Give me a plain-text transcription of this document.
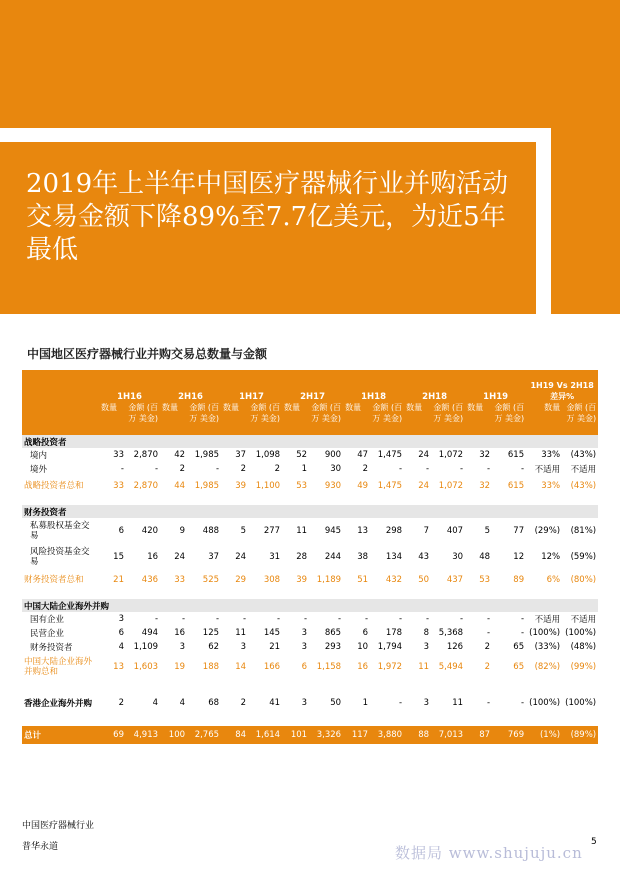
2019年上半年中国医疗器械行业并购活动交易金额下降89%至7.7亿美元，为近5年最低
中国地区医疗器械行业并购交易总数量与金额
	1H16		2H16		1H17		2H17		1H18		2H18		1H19		1H19 Vs 2H18 差异%	
	数量	金额 (百万 美金)	数量	金额 (百万 美金)	数量	金额 (百万 美金)	数量	金额 (百万 美金)	数量	金额 (百万 美金)	数量	金额 (百万 美金)	数量	金额 (百万 美金)	数量	金额 (百万 美金)
战略投资者																
境内	33	2,870	42	1,985	37	1,098	52	900	47	1,475	24	1,072	32	615	33%	(43%)
境外	-	-	2	-	2	2	1	30	2	-	-	-	-	-	不适用	不适用
战略投资者总和	33	2,870	44	1,985	39	1,100	53	930	49	1,475	24	1,072	32	615	33%	(43%)

财务投资者																
私募股权基金交易	6	420	9	488	5	277	11	945	13	298	7	407	5	77	(29%)	(81%)
风险投资基金交易	15	16	24	37	24	31	28	244	38	134	43	30	48	12	12%	(59%)
财务投资者总和	21	436	33	525	29	308	39	1,189	51	432	50	437	53	89	6%	(80%)

中国大陆企业海外并购																
国有企业	3	-	-	-	-	-	-	-	-	-	-	-	-	-	不适用	不适用
民营企业	6	494	16	125	11	145	3	865	6	178	8	5,368	-	-	(100%)	(100%)
财务投资者	4	1,109	3	62	3	21	3	293	10	1,794	3	126	2	65	(33%)	(48%)
中国大陆企业海外并购总和	13	1,603	19	188	14	166	6	1,158	16	1,972	11	5,494	2	65	(82%)	(99%)

香港企业海外并购	2	4	4	68	2	41	3	50	1	-	3	11	-	-	(100%)	(100%)

总计	69	4,913	100	2,765	84	1,614	101	3,326	117	3,880	88	7,013	87	769	(1%)	(89%)

中国医疗器械行业

普华永道	5
数据局 www.shujuju.cn
